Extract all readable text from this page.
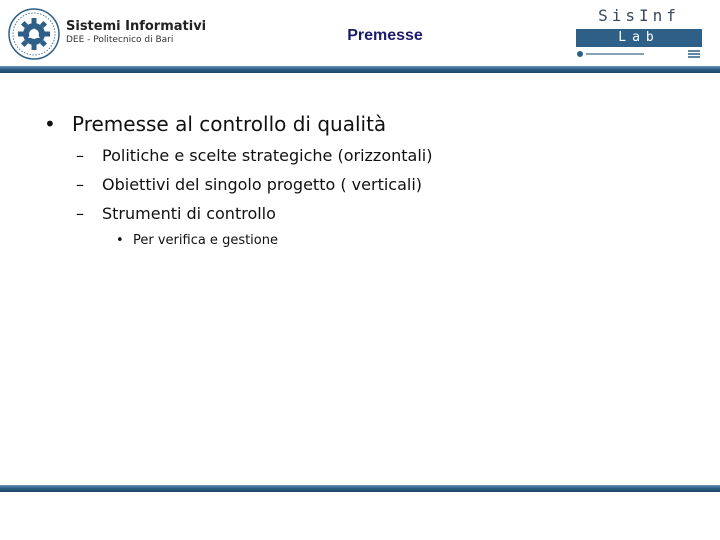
Sistemi Informativi
DEE - Politecnico di Bari	Premesse
SisInf
Lab
• Premesse al controllo di qualità
– Politiche e scelte strategiche (orizzontali)
– Obiettivi del singolo progetto ( verticali)
– Strumenti di controllo
• Per verifica e gestione
